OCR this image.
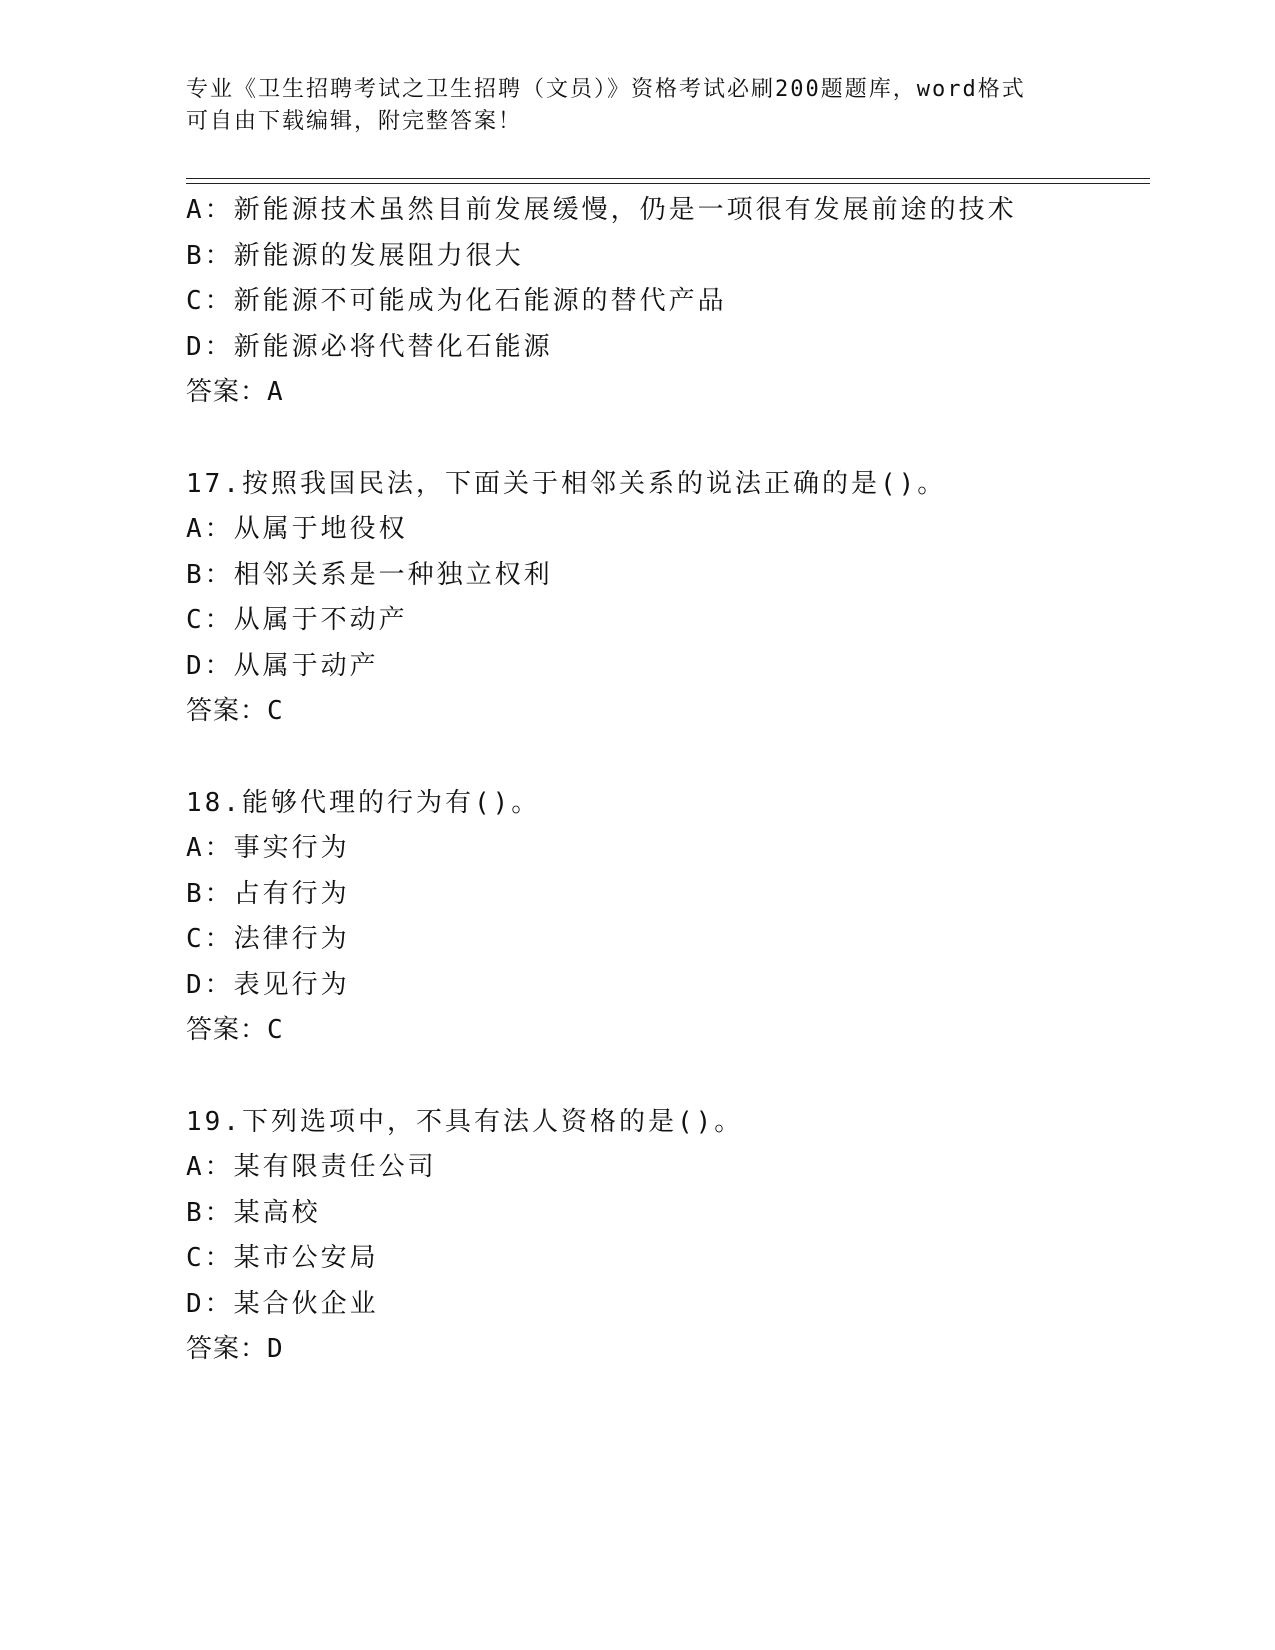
专业《卫生招聘考试之卫生招聘（文员）》资格考试必刷200题题库，word格式
可自由下载编辑，附完整答案！
A：新能源技术虽然目前发展缓慢，仍是一项很有发展前途的技术
B：新能源的发展阻力很大
C：新能源不可能成为化石能源的替代产品
D：新能源必将代替化石能源
答案：A
17.按照我国民法，下面关于相邻关系的说法正确的是()。
A：从属于地役权
B：相邻关系是一种独立权利
C：从属于不动产
D：从属于动产
答案：C
18.能够代理的行为有()。
A：事实行为
B：占有行为
C：法律行为
D：表见行为
答案：C
19.下列选项中，不具有法人资格的是()。
A：某有限责任公司
B：某高校
C：某市公安局
D：某合伙企业
答案：D
